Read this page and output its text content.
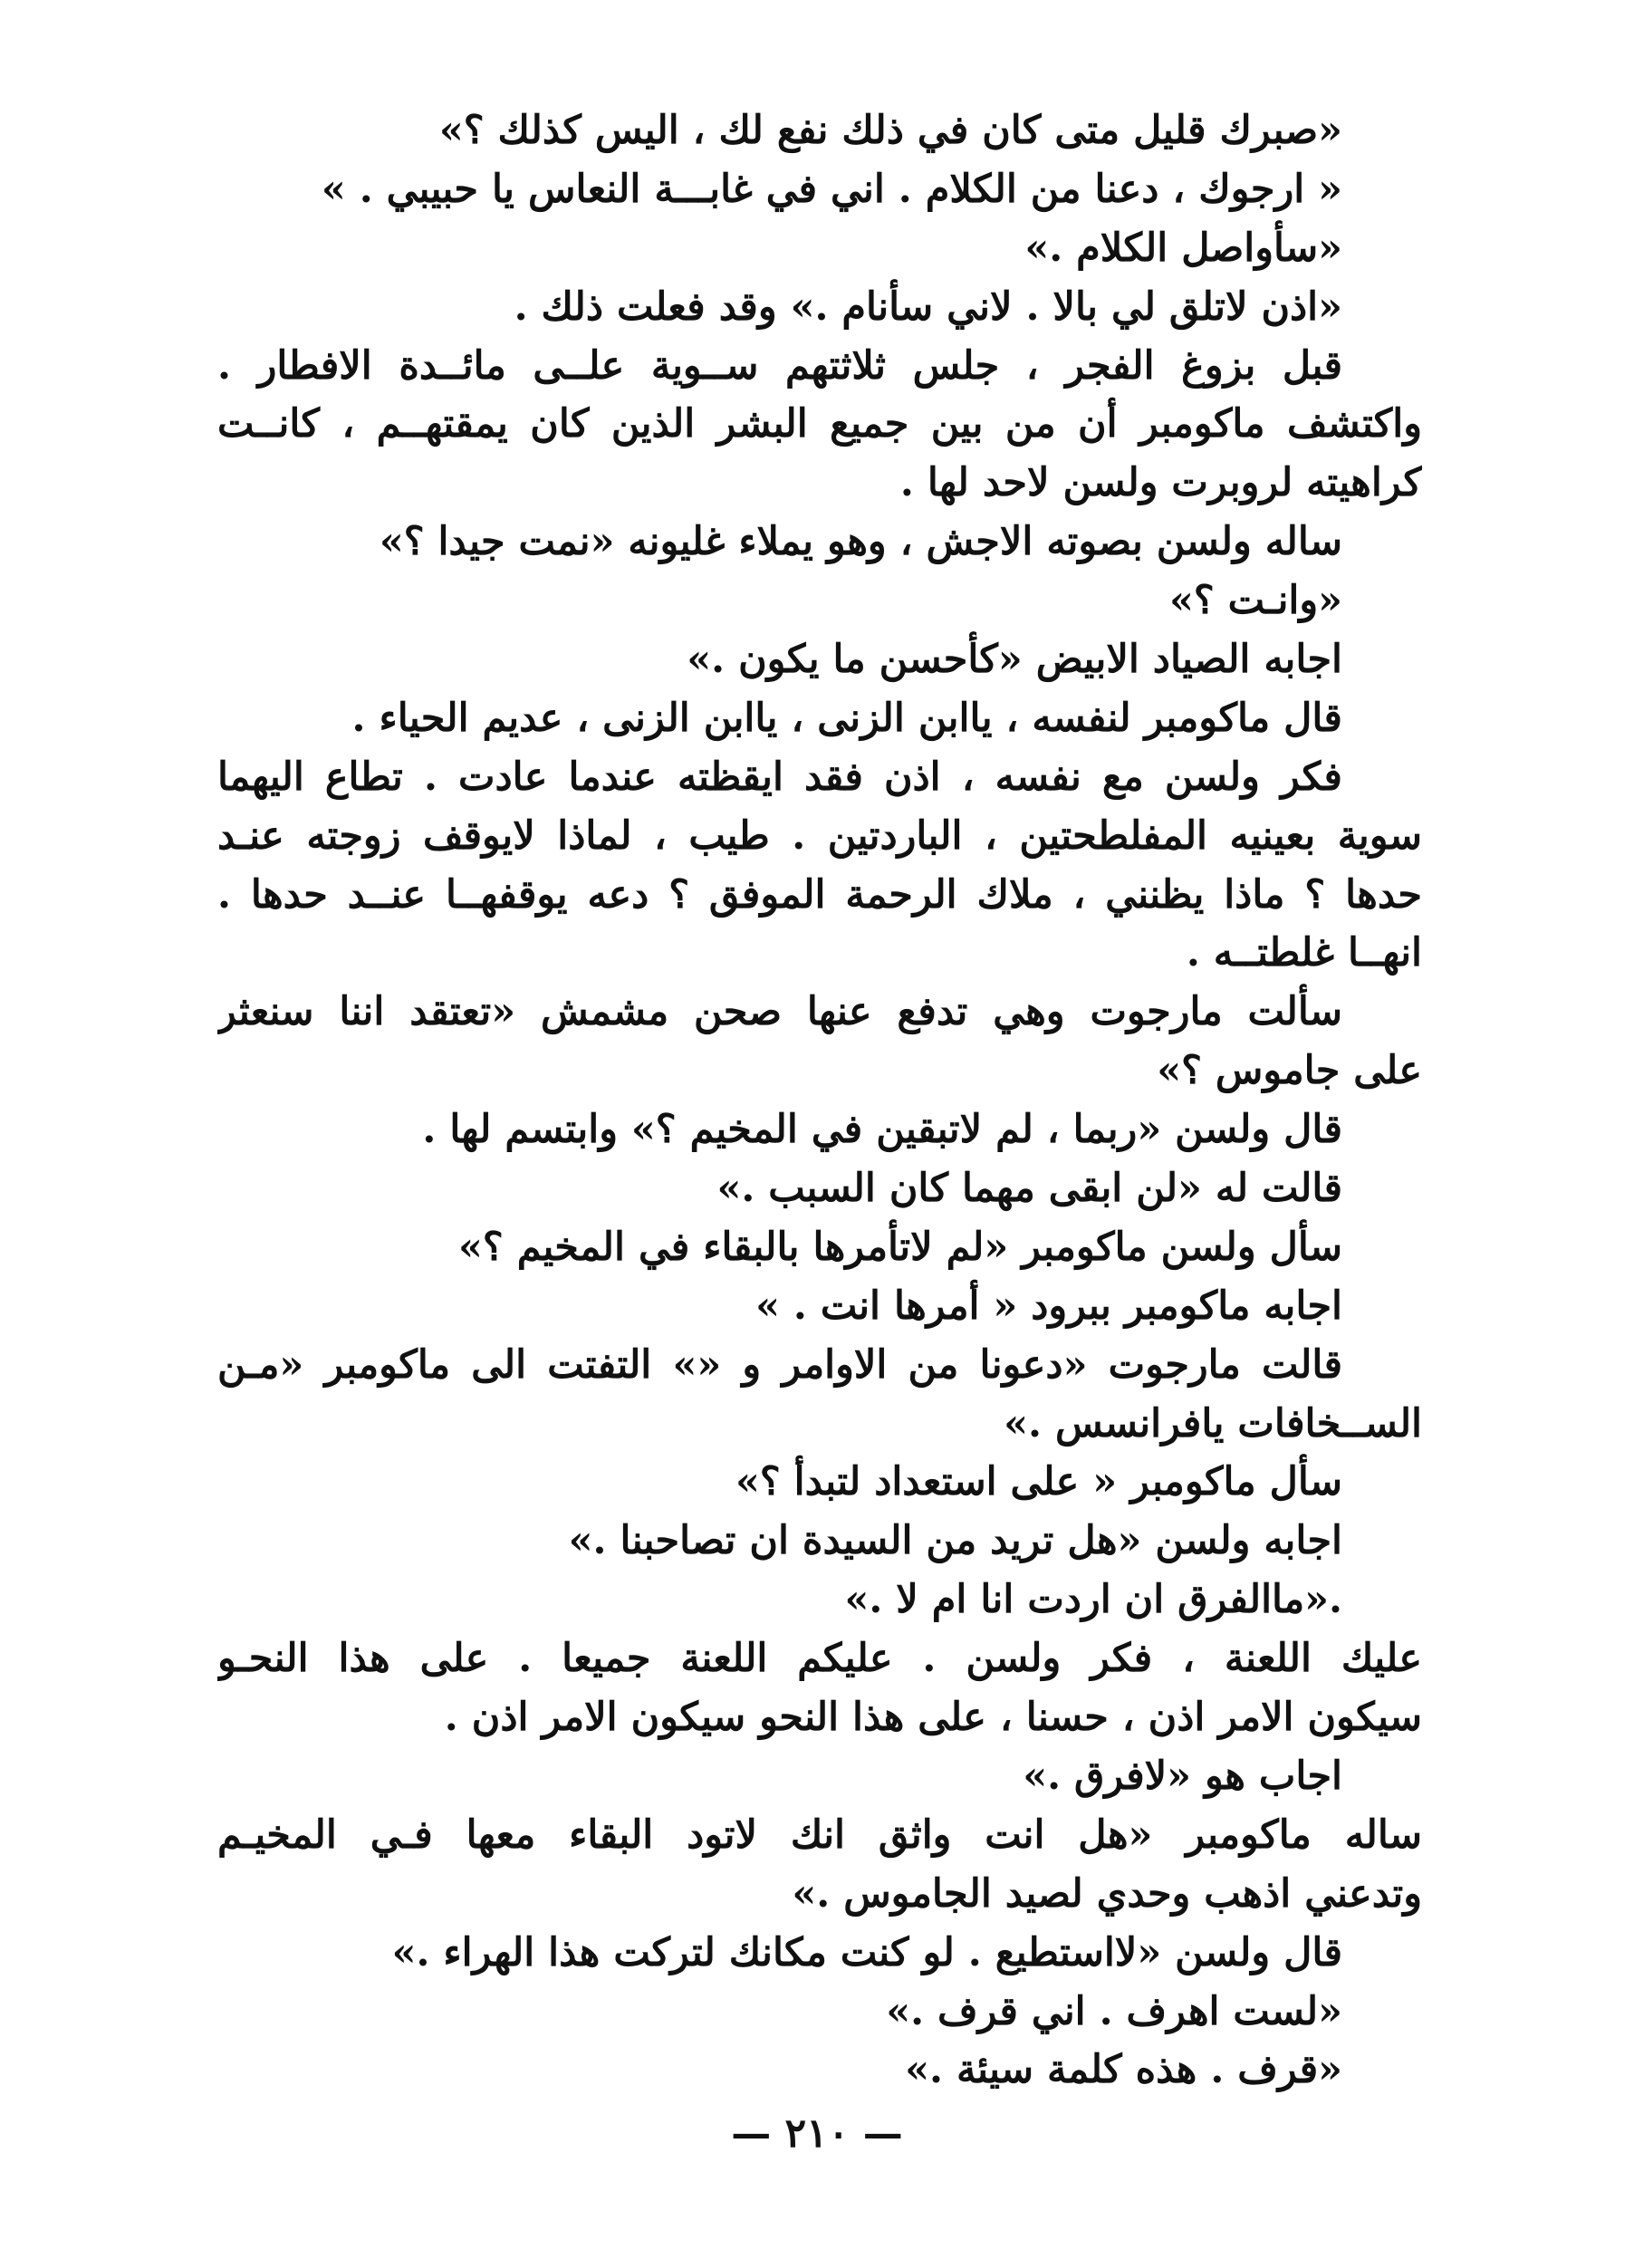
«صبرك قليل متى كان في ذلك نفع لك ، اليس كذلك ؟»
« ارجوك ، دعنا من الكلام . اني في غابـــة النعاس يا حبيبي . »
«سأواصل الكلام .»
«اذن لاتلق لي بالا . لاني سأنام .» وقد فعلت ذلك .
قبل بزوغ الفجر ، جلس ثلاثتهم ســوية علــى مائــدة الافطار .
واكتشف ماكومبر أن من بين جميع البشر الذين كان يمقتهــم ، كانــت
كراهيته لروبرت ولسن لاحد لها .
ساله ولسن بصوته الاجش ، وهو يملاء غليونه «نمت جيدا ؟»
«وانـت ؟»
اجابه الصياد الابيض «كأحسن ما يكون .»
قال ماكومبر لنفسه ، ياابن الزنى ، ياابن الزنى ، عديم الحياء .
فكر ولسن مع نفسه ، اذن فقد ايقظته عندما عادت . تطاع اليهما
سوية بعينيه المفلطحتين ، الباردتين . طيب ، لماذا لايوقف زوجته عنـد
حدها ؟ ماذا يظنني ، ملاك الرحمة الموفق ؟ دعه يوقفهــا عنــد حدها .
انهــا غلطتــه .
سألت مارجوت وهي تدفع عنها صحن مشمش «تعتقد اننا سنعثر
على جاموس ؟»
قال ولسن «ربما ، لم لاتبقين في المخيم ؟» وابتسم لها .
قالت له «لن ابقى مهما كان السبب .»
سأل ولسن ماكومبر «لم لاتأمرها بالبقاء في المخيم ؟»
اجابه ماكومبر ببرود « أمرها انت . »
قالت مارجوت «دعونا من الاوامر و «» التفتت الى ماكومبر «مـن
الســخافات يافرانسس .»
سأل ماكومبر « على استعداد لتبدأ ؟»
اجابه ولسن «هل تريد من السيدة ان تصاحبنا .»
.«ماالفرق ان اردت انا ام لا .»
عليك اللعنة ، فكر ولسن . عليكم اللعنة جميعا . على هذا النحـو
سيكون الامر اذن ، حسنا ، على هذا النحو سيكون الامر اذن .
اجاب هو «لافرق .»
ساله ماكومبر «هل انت واثق انك لاتود البقاء معها فـي المخيـم
وتدعني اذهب وحدي لصيد الجاموس .»
قال ولسن «لااستطيع . لو كنت مكانك لتركت هذا الهراء .»
«لست اهرف . اني قرف .»
«قرف . هذه كلمة سيئة .»
— ٢١٠ —
